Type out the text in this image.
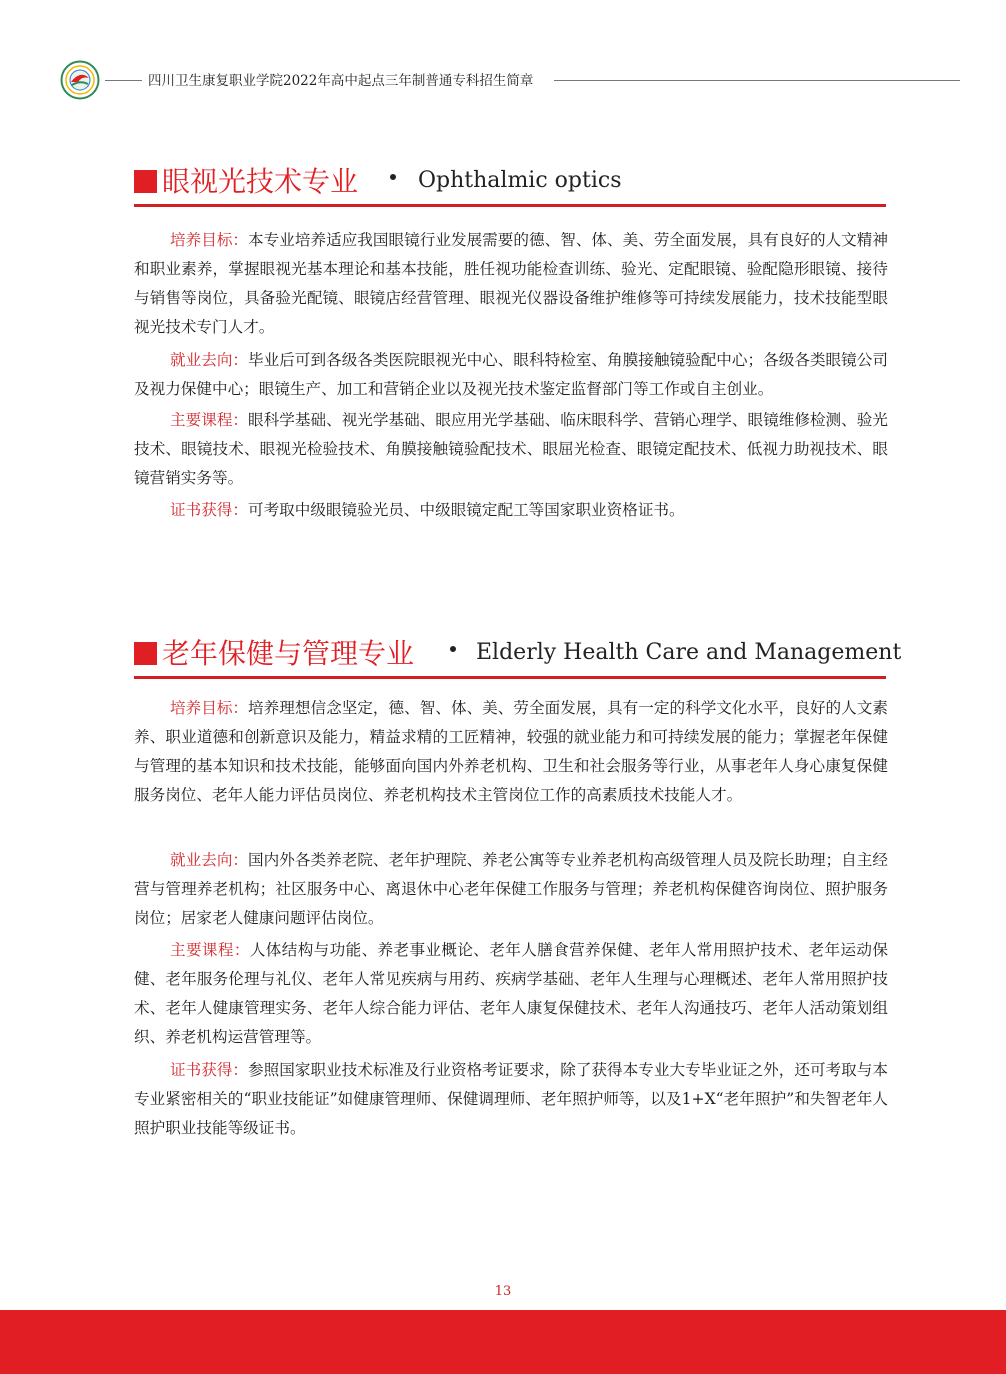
四川卫生康复职业学院2022年高中起点三年制普通专科招生简章
眼视光技术专业	Ophthalmic optics
培养目标：本专业培养适应我国眼镜行业发展需要的德、智、体、美、劳全面发展，具有良好的人文精神和职业素养，掌握眼视光基本理论和基本技能，胜任视功能检查训练、验光、定配眼镜、验配隐形眼镜、接待与销售等岗位，具备验光配镜、眼镜店经营管理、眼视光仪器设备维护维修等可持续发展能力，技术技能型眼视光技术专门人才。
就业去向：毕业后可到各级各类医院眼视光中心、眼科特检室、角膜接触镜验配中心；各级各类眼镜公司及视力保健中心；眼镜生产、加工和营销企业以及视光技术鉴定监督部门等工作或自主创业。
主要课程：眼科学基础、视光学基础、眼应用光学基础、临床眼科学、营销心理学、眼镜维修检测、验光技术、眼镜技术、眼视光检验技术、角膜接触镜验配技术、眼屈光检查、眼镜定配技术、低视力助视技术、眼镜营销实务等。
证书获得：可考取中级眼镜验光员、中级眼镜定配工等国家职业资格证书。
老年保健与管理专业	Elderly Health Care and Management
培养目标：培养理想信念坚定，德、智、体、美、劳全面发展，具有一定的科学文化水平，良好的人文素养、职业道德和创新意识及能力，精益求精的工匠精神，较强的就业能力和可持续发展的能力；掌握老年保健与管理的基本知识和技术技能，能够面向国内外养老机构、卫生和社会服务等行业，从事老年人身心康复保健服务岗位、老年人能力评估员岗位、养老机构技术主管岗位工作的高素质技术技能人才。
就业去向：国内外各类养老院、老年护理院、养老公寓等专业养老机构高级管理人员及院长助理；自主经营与管理养老机构；社区服务中心、离退休中心老年保健工作服务与管理；养老机构保健咨询岗位、照护服务岗位；居家老人健康问题评估岗位。
主要课程：人体结构与功能、养老事业概论、老年人膳食营养保健、老年人常用照护技术、老年运动保健、老年服务伦理与礼仪、老年人常见疾病与用药、疾病学基础、老年人生理与心理概述、老年人常用照护技术、老年人健康管理实务、老年人综合能力评估、老年人康复保健技术、老年人沟通技巧、老年人活动策划组织、养老机构运营管理等。
证书获得：参照国家职业技术标准及行业资格考证要求，除了获得本专业大专毕业证之外，还可考取与本专业紧密相关的“职业技能证”如健康管理师、保健调理师、老年照护师等，以及1+X“老年照护”和失智老年人照护职业技能等级证书。
13
